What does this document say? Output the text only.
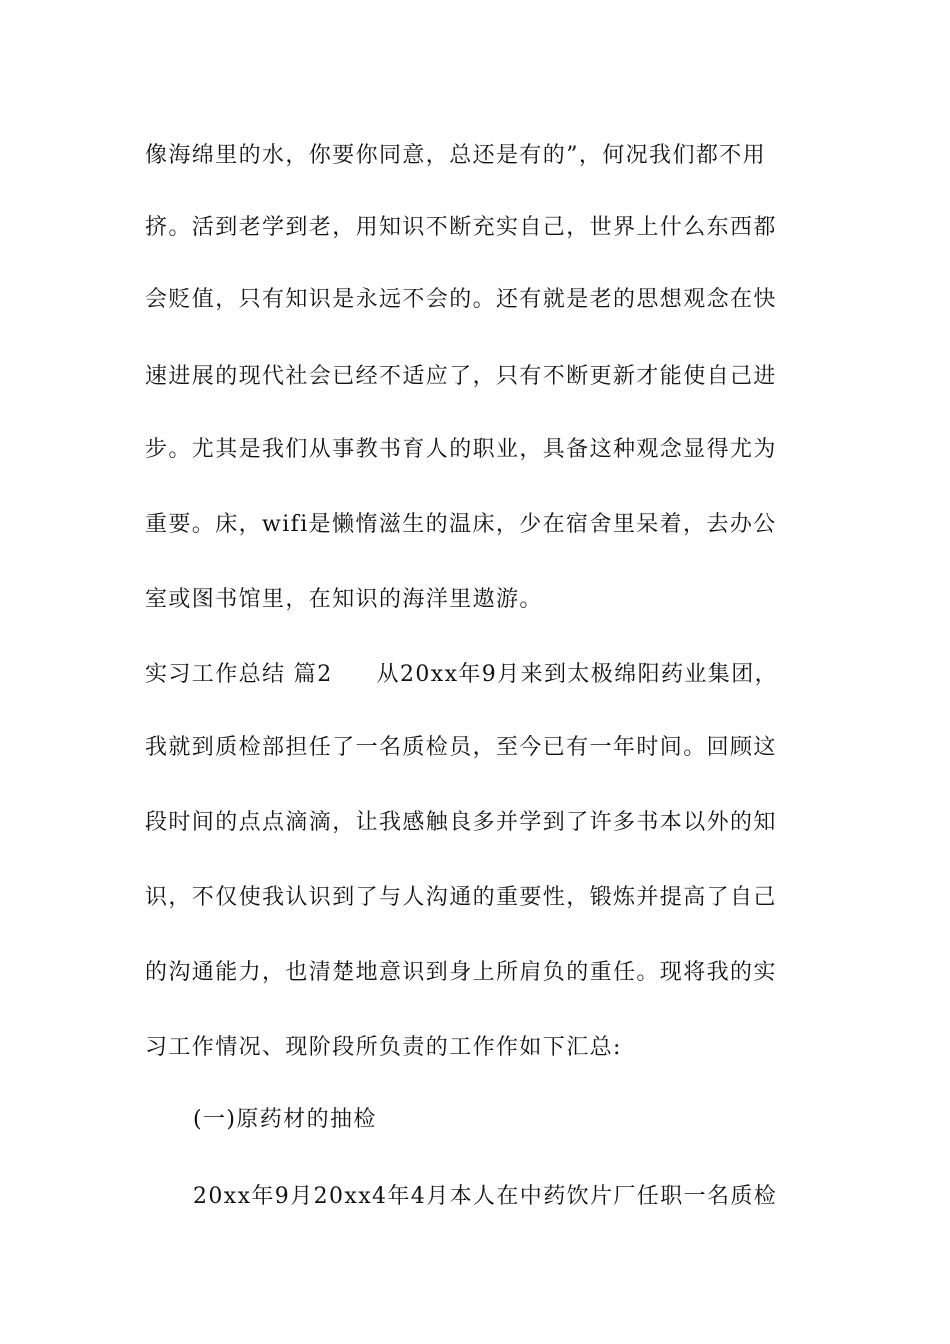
像海绵里的水，你要你同意，总还是有的”，何况我们都不用
挤。活到老学到老，用知识不断充实自己，世界上什么东西都
会贬值，只有知识是永远不会的。还有就是老的思想观念在快
速进展的现代社会已经不适应了，只有不断更新才能使自己进
步。尤其是我们从事教书育人的职业，具备这种观念显得尤为
重要。床，wifi是懒惰滋生的温床，少在宿舍里呆着，去办公
室或图书馆里，在知识的海洋里遨游。
实习工作总结 篇2 从20xx年9月来到太极绵阳药业集团，
我就到质检部担任了一名质检员，至今已有一年时间。回顾这
段时间的点点滴滴，让我感触良多并学到了许多书本以外的知
识，不仅使我认识到了与人沟通的重要性，锻炼并提高了自己
的沟通能力，也清楚地意识到身上所肩负的重任。现将我的实
习工作情况、现阶段所负责的工作作如下汇总:
(一)原药材的抽检
20xx年9月20xx4年4月本人在中药饮片厂任职一名质检
